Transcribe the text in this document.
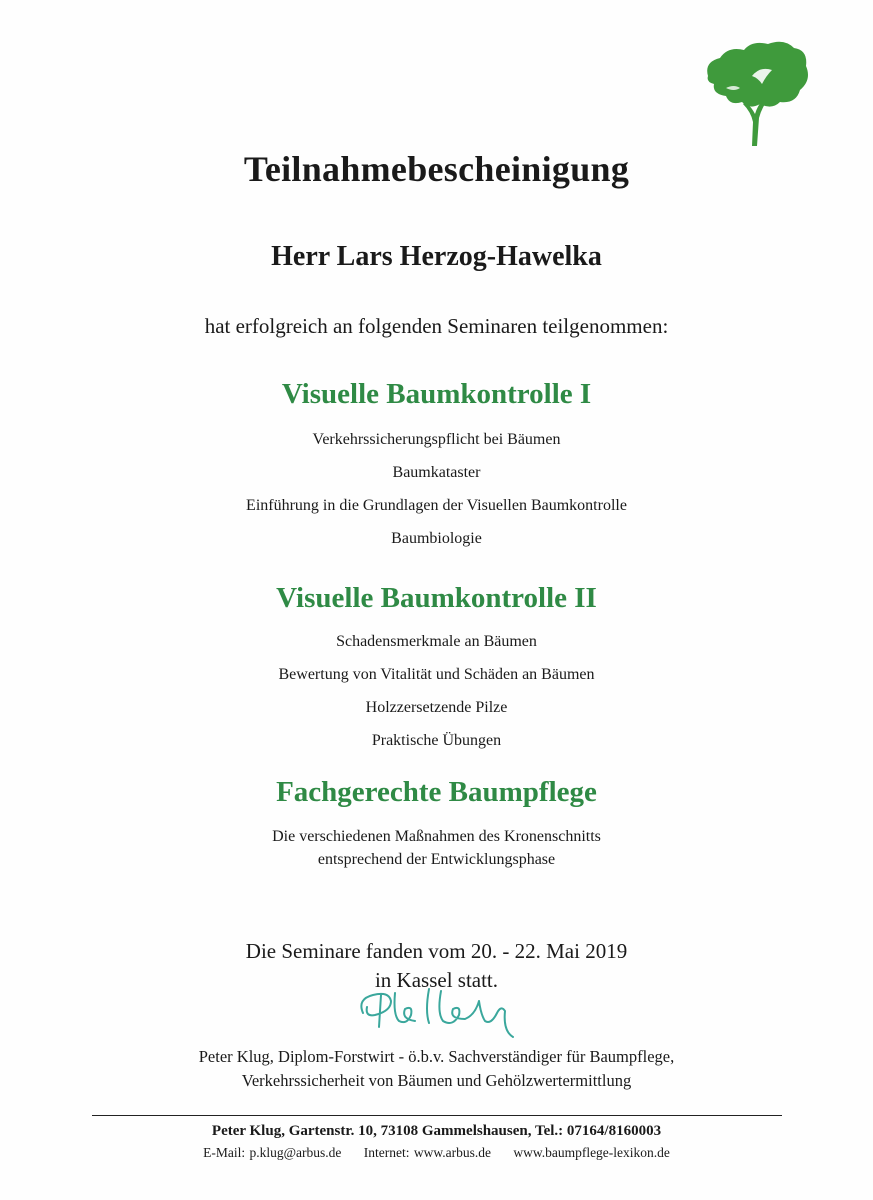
Teilnahmebescheinigung
Herr Lars Herzog-Hawelka
hat erfolgreich an folgenden Seminaren teilgenommen:
Visuelle Baumkontrolle I
Verkehrssicherungspflicht bei Bäumen
Baumkataster
Einführung in die Grundlagen der Visuellen Baumkontrolle
Baumbiologie
Visuelle Baumkontrolle II
Schadensmerkmale an Bäumen
Bewertung von Vitalität und Schäden an Bäumen
Holzzersetzende Pilze
Praktische Übungen
Fachgerechte Baumpflege
Die verschiedenen Maßnahmen des Kronenschnitts
entsprechend der Entwicklungsphase
Die Seminare fanden vom 20. - 22. Mai 2019
in Kassel statt.
Peter Klug, Diplom-Forstwirt - ö.b.v. Sachverständiger für Baumpflege,
Verkehrssicherheit von Bäumen und Gehölzwertermittlung
Peter Klug, Gartenstr. 10, 73108 Gammelshausen, Tel.: 07164/8160003
E-Mail: p.klug@arbus.de Internet: www.arbus.de www.baumpflege-lexikon.de
